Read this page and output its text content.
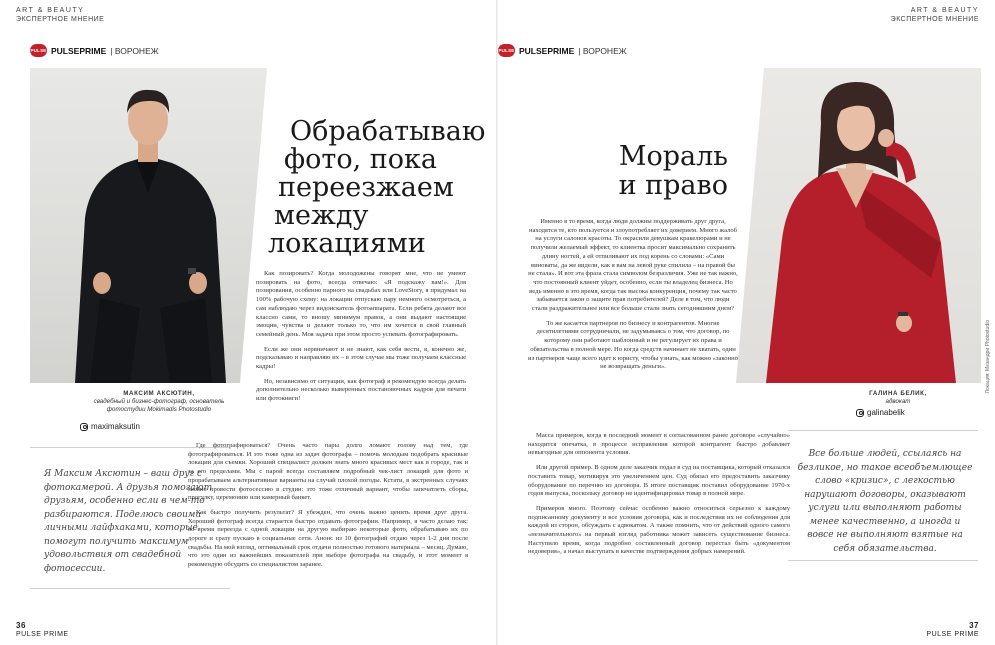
ART & BEAUTY
ЭКСПЕРТНОЕ МНЕНИЕ
PULSE PULSEPRIME | ВОРОНЕЖ
Обрабатываю
фото, пока
переезжаем
между
локациями
МАКСИМ АКСЮТИН,
свадебный и бизнес-фотограф, основатель
фотостудии Mokimadis Photostudio
maximaksutin
Я Максим Аксютин – ваш друг с фотокамерой. А друзья помогают друзьям, особенно если в чем-то разбираются. Поделюсь своими личными лайфхаками, которые помогут получить максимум удовольствия от свадебной фотосессии.

Как позировать? Когда молодожены говорят мне, что не умеют позировать на фото, всегда отвечаю: «Я подскажу вам!». Для позирования, особенно парного на свадьбах или LoveStory, я придумал на 100% рабочую схему: на локации отпускаю пару немного осмотреться, а сам наблюдаю через видоискатель фотоаппарата. Если ребята делают все классно сами, то вношу минимум правок, а они выдают настоящие эмоции, чувства и делают только то, что им хочется в свой главный семейный день. Моя задача при этом просто успевать фотографировать.

Если же они нервничают и не знают, как себя вести, я, конечно же, подсказываю и направляю их – в этом случае мы тоже получаем классные кадры!

Но, независимо от ситуации, как фотограф я рекомендую всегда делать дополнительно несколько выверенных постановочных кадров для печати или фотокниги!

Где фотографироваться? Очень часто пары долго ломают голову над тем, где фотографироваться. И это тоже одна из задач фотографа – помочь молодым подобрать красивые локации для съемки. Хороший специалист должен знать много красивых мест как в городе, так и за его пределами. Мы с парой всегда составляем подробный чек-лист локаций для фото и прорабатываем альтернативные варианты на случай плохой погоды. Кстати, в экстренных случаях можно провести фотосессию в студии: это тоже отличный вариант, чтобы запечатлеть сборы, прогулку, церемонию или камерный банкет.

Как быстро получить результат? Я убежден, что очень важно ценить время друг друга. Хороший фотограф всегда старается быстро отдавать фотографии. Например, я часто делаю так: во время переезда с одной локации на другую выбираю некоторые фото, обрабатываю их по дороге и сразу пускаю в социальные сети. Анонс из 10 фотографий отдаю через 1-2 дня после свадьбы. На мой взгляд, оптимальный срок отдачи полностью готового материала – месяц. Думаю, что это один из важнейших показателей при выборе фотографа на свадьбу, и этот момент я рекомендую обсудить со специалистом заранее.

36
PULSE PRIME
ART & BEAUTY
ЭКСПЕРТНОЕ МНЕНИЕ
PULSE PULSEPRIME | ВОРОНЕЖ
Мораль
и право
Локация: Мезандри Photostudio
ГАЛИНА БЕЛИК,
адвокат
galinabelik
Все больше людей, ссылаясь на безликое, но такое всеобъемлющее слово «кризис», с легкостью нарушают договоры, оказывают услуги или выполняют работы менее качественно, а иногда и вовсе не выполняют взятые на себя обязательства.

Именно в то время, когда люди должны поддерживать друг друга, находятся те, кто пользуется и злоупотребляет их доверием. Много жалоб на услуги салонов красоты. То окрасили девушкам кракелюрами и не получили желаемый эффект, то клиентка просит максимально сохранить длину ногтей, а ей отпиливают их под корень со словами: «Сами виноваты, да же видели, как я вам на левой руке спилила – на правой бы не стала». И вот эта фраза стала символом безразличия. Уже не так важно, что постоянный клиент уйдет, особенно, если ты владелец бизнеса. Но ведь именно в это время, когда так высока конкуренция, почему так часто забывается закон о защите прав потребителей? Деле в том, что люди стали раздражительнее или все больше стали знать сегодняшним днем?

То же касается партнеров по бизнесу и контрагентов. Многие десятилетиями сотрудничали, не задумываясь о том, что договор, по которому они работают шаблонный и не регулирует их права и обязательства в полной мере. Но когда средств начинает не хватать, один из партнеров чаще всего идет к юристу, чтобы узнать, как можно «законно не возвращать деньги».

Масса примеров, когда в последний момент в согласованном ранее договоре «случайно» находится опечатка, в процессе исправления которой контрагент быстро добавляет невыгодные для оппонента условия.

Или другой пример. В одном деле заказчик подал в суд на поставщика, который отказался поставить товар, мотивируя это увеличением цен. Суд обязал его предоставить заказчику оборудование по перечню из договора. В итоге поставщик поставил оборудование 1970-х годов выпуска, поскольку договор не идентифицировал товар в полной мере.

Примеров много. Поэтому сейчас особенно важно относиться серьезно к каждому подписанному документу и все условия договора, как и последствия их не соблюдения для каждой из сторон, обсуждать с адвокатом. А также помнить, что от действий одного самого «незначительного» на первый взгляд работника может зависеть существование бизнеса. Наступило время, когда подробно составленный договор перестал быть «документом недоверия», а начал выступать в качестве подтверждения добрых намерений.

37
PULSE PRIME
